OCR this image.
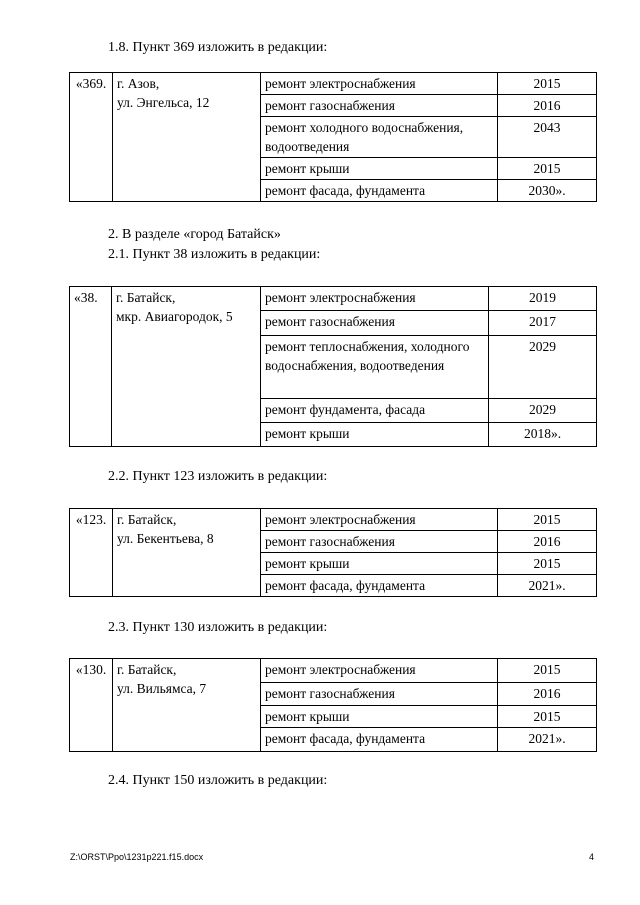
1.8. Пункт 369 изложить в редакции:
«369.	г. Азов,
ул. Энгельса, 12	ремонт электроснабжения	2015
		ремонт газоснабжения	2016
		ремонт холодного водоснабжения, водоотведения	2043
		ремонт крыши	2015
		ремонт фасада, фундамента	2030».
2. В разделе «город Батайск»
2.1. Пункт 38 изложить в редакции:
«38.	г. Батайск,
мкр. Авиагородок, 5	ремонт электроснабжения	2019
		ремонт газоснабжения	2017
		ремонт теплоснабжения, холодного водоснабжения, водоотведения	2029
		ремонт фундамента, фасада	2029
		ремонт крыши	2018».
2.2. Пункт 123 изложить в редакции:
«123.	г. Батайск,
ул. Бекентьева, 8	ремонт электроснабжения	2015
		ремонт газоснабжения	2016
		ремонт крыши	2015
		ремонт фасада, фундамента	2021».
2.3. Пункт 130 изложить в редакции:
«130.	г. Батайск,
ул. Вильямса, 7	ремонт электроснабжения	2015
		ремонт газоснабжения	2016
		ремонт крыши	2015
		ремонт фасада, фундамента	2021».
2.4. Пункт 150 изложить в редакции:
Z:\ORST\Ppo\1231p221.f15.docx	4
